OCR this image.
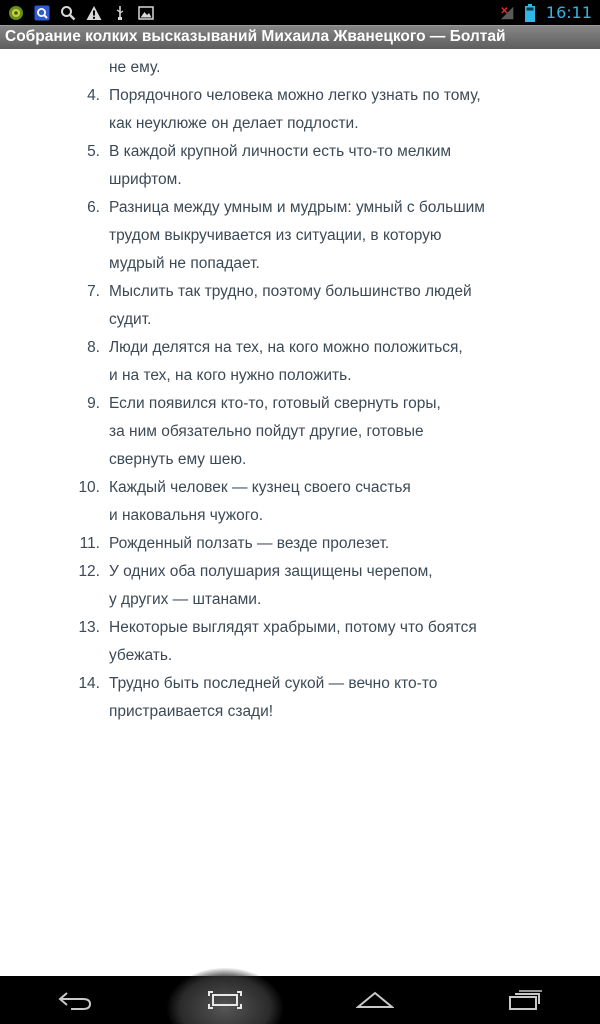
16:11
Собрание колких высказываний Михаила Жванецкого — Болтай
не ему.
4. Порядочного человека можно легко узнать по тому,
как неуклюже он делает подлости.
5. В каждой крупной личности есть что-то мелким
шрифтом.
6. Разница между умным и мудрым: умный с большим
трудом выкручивается из ситуации, в которую
мудрый не попадает.
7. Мыслить так трудно, поэтому большинство людей
судит.
8. Люди делятся на тех, на кого можно положиться,
и на тех, на кого нужно положить.
9. Если появился кто-то, готовый свернуть горы,
за ним обязательно пойдут другие, готовые
свернуть ему шею.
10. Каждый человек — кузнец своего счастья
и наковальня чужого.
11. Рожденный ползать — везде пролезет.
12. У одних оба полушария защищены черепом,
у других — штанами.
13. Некоторые выглядят храбрыми, потому что боятся
убежать.
14. Трудно быть последней сукой — вечно кто-то
пристраивается сзади!
